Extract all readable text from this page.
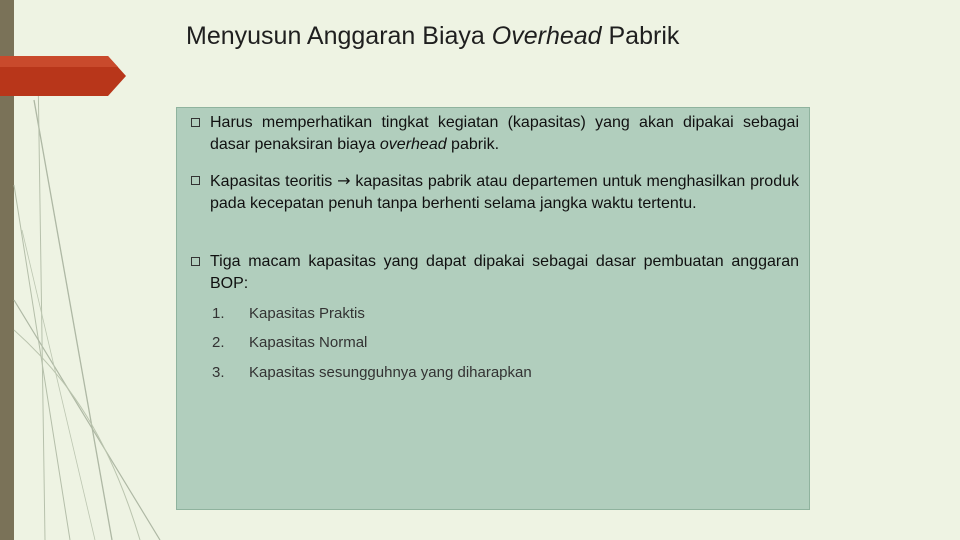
Menyusun Anggaran Biaya Overhead Pabrik
Harus memperhatikan tingkat kegiatan (kapasitas) yang akan dipakai sebagai dasar penaksiran biaya overhead pabrik.
Kapasitas teoritis → kapasitas pabrik atau departemen untuk menghasilkan produk pada kecepatan penuh tanpa berhenti selama jangka waktu tertentu.
Tiga macam kapasitas yang dapat dipakai sebagai dasar pembuatan anggaran BOP:
1. Kapasitas Praktis
2. Kapasitas Normal
3. Kapasitas sesungguhnya yang diharapkan
